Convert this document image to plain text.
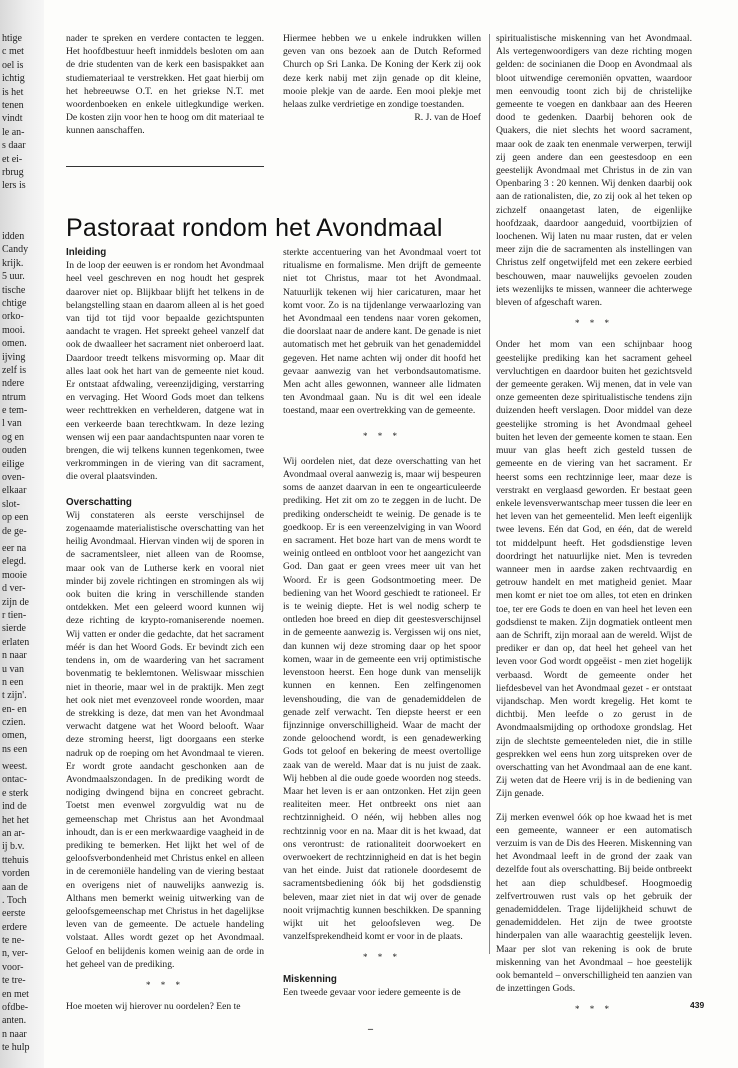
htige
c met
oel is
ichtig
is het
tenen
vindt
le an-
s daar
et ei-
rbrug
lers is
idden
Candy
krijk.
5 uur.
tische
chtige
orko-
mooi.
omen.
ijving
zelf is
ndere
ntrum
e tem-
l van
og en
ouden
eilige
oven-
elkaar
slot-
op een
de ge-
eer na
elegd.
mooie
d ver-
zijn de
r tien-
sierde
erlaten
n naar
u van
n een
t zijn'.
en- en
czien.
omen,
ns een
weest.
ontac-
e sterk
ind de
het het
an ar-
ij b.v.
ttehuis
vorden
aan de
. Toch
eerste
erdere
te ne-
n, ver-
voor-
te tre-
en met
ofdbe-
anten.
n naar
te hulp

nader te spreken en verdere contacten te leggen. Het hoofdbestuur heeft inmiddels besloten om aan de drie studenten van de kerk een basispakket aan studiemateriaal te verstrekken. Het gaat hierbij om het hebreeuwse O.T. en het griekse N.T. met woordenboeken en enkele uitlegkundige werken. De kosten zijn voor hen te hoog om dit materiaal te kunnen aanschaffen.

Hiermee hebben we u enkele indrukken willen geven van ons bezoek aan de Dutch Reformed Church op Sri Lanka. De Koning der Kerk zij ook deze kerk nabij met zijn genade op dit kleine, mooie plekje van de aarde. Een mooi plekje met helaas zulke verdrietige en zondige toestanden.

R. J. van de Hoef

spiritualistische miskenning van het Avondmaal. Als vertegenwoordigers van deze richting mogen gelden: de socinianen die Doop en Avondmaal als bloot uitwendige ceremoniën opvatten, waardoor men eenvoudig toont zich bij de christelijke gemeente te voegen en dankbaar aan des Heeren dood te gedenken. Daarbij behoren ook de Quakers, die niet slechts het woord sacrament, maar ook de zaak ten enenmale verwerpen, terwijl zij geen andere dan een geestesdoop en een geestelijk Avondmaal met Christus in de zin van Openbaring 3 : 20 kennen. Wij denken daarbij ook aan de rationalisten, die, zo zij ook al het teken op zichzelf onaangetast laten, de eigenlijke hoofdzaak, daardoor aangeduid, voortbijzien of loochenen. Wij laten nu maar rusten, dat er velen meer zijn die de sacramenten als instellingen van Christus zelf ongetwijfeld met een zekere eerbied beschouwen, maar nauwelijks gevoelen zouden iets wezenlijks te missen, wanneer die achterwege bleven of afgeschaft waren.

* * *

Onder het mom van een schijnbaar hoog geestelijke prediking kan het sacrament geheel vervluchtigen en daardoor buiten het gezichtsveld der gemeente geraken. Wij menen, dat in vele van onze gemeenten deze spiritualistische tendens zijn duizenden heeft verslagen. Door middel van deze geestelijke stroming is het Avondmaal geheel buiten het leven der gemeente komen te staan. Een muur van glas heeft zich gesteld tussen de gemeente en de viering van het sacrament. Er heerst soms een rechtzinnige leer, maar deze is verstrakt en verglaasd geworden. Er bestaat geen enkele levensverwantschap meer tussen die leer en het leven van het gemeentelid. Men leeft eigenlijk twee levens. Eén dat God, en één, dat de wereld tot middelpunt heeft. Het godsdienstige leven doordringt het natuurlijke niet. Men is tevreden wanneer men in aardse zaken rechtvaardig en getrouw handelt en met matigheid geniet. Maar men komt er niet toe om alles, tot eten en drinken toe, ter ere Gods te doen en van heel het leven een godsdienst te maken. Zijn dogmatiek ontleent men aan de Schrift, zijn moraal aan de wereld. Wijst de prediker er dan op, dat heel het geheel van het leven voor God wordt opgeëist - men ziet hogelijk verbaasd. Wordt de gemeente onder het liefdesbevel van het Avondmaal gezet - er ontstaat vijandschap. Men wordt kregelig. Het komt te dichtbij. Men leefde o zo gerust in de Avondmaalsmijding op orthodoxe grondslag. Het zijn de slechtste gemeenteleden niet, die in stille gesprekken wel eens hun zorg uitspreken over de overschatting van het Avondmaal aan de ene kant. Zij weten dat de Heere vrij is in de bediening van Zijn genade.

Zij merken evenwel óók op hoe kwaad het is met een gemeente, wanneer er een automatisch verzuim is van de Dis des Heeren. Miskenning van het Avondmaal leeft in de grond der zaak van dezelfde fout als overschatting. Bij beide ontbreekt het aan diep schuldbesef. Hoogmoedig zelfvertrouwen rust vals op het gebruik der genademiddelen. Trage lijdelijkheid schuwt de genademiddelen. Het zijn de twee grootste hinderpalen van alle waarachtig geestelijk leven. Maar per slot van rekening is ook de brute miskenning van het Avondmaal – hoe geestelijk ook bemanteld – onverschilligheid ten aanzien van de inzettingen Gods.

* * *
Pastoraat rondom het Avondmaal
Inleiding

In de loop der eeuwen is er rondom het Avondmaal heel veel geschreven en nog houdt het gesprek daarover niet op. Blijkbaar blijft het telkens in de belangstelling staan en daarom alleen al is het goed van tijd tot tijd voor bepaalde gezichtspunten aandacht te vragen. Het spreekt geheel vanzelf dat ook de dwaalleer het sacrament niet onberoerd laat. Daardoor treedt telkens misvorming op. Maar dit alles laat ook het hart van de gemeente niet koud. Er ontstaat afdwaling, vereenzijdiging, verstarring en vervaging. Het Woord Gods moet dan telkens weer rechttrekken en verhelderen, datgene wat in een verkeerde baan terechtkwam. In deze lezing wensen wij een paar aandachtspunten naar voren te brengen, die wij telkens kunnen tegenkomen, twee verkrommingen in de viering van dit sacrament, die overal plaatsvinden.

Overschatting

Wij constateren als eerste verschijnsel de zogenaamde materialistische overschatting van het heilig Avondmaal. Hiervan vinden wij de sporen in de sacramentsleer, niet alleen van de Roomse, maar ook van de Lutherse kerk en vooral niet minder bij zovele richtingen en stromingen als wij ook buiten die kring in verschillende standen ontdekken. Met een geleerd woord kunnen wij deze richting de krypto-romaniserende noemen. Wij vatten er onder die gedachte, dat het sacrament méér is dan het Woord Gods. Er bevindt zich een tendens in, om de waardering van het sacrament bovenmatig te beklemtonen. Weliswaar misschien niet in theorie, maar wel in de praktijk. Men zegt het ook niet met evenzoveel ronde woorden, maar de strekking is deze, dat men van het Avondmaal verwacht datgene wat het Woord belooft. Waar deze stroming heerst, ligt doorgaans een sterke nadruk op de roeping om het Avondmaal te vieren. Er wordt grote aandacht geschonken aan de Avondmaalszondagen. In de prediking wordt de nodiging dwingend bijna en concreet gebracht. Toetst men evenwel zorgvuldig wat nu de gemeenschap met Christus aan het Avondmaal inhoudt, dan is er een merkwaardige vaagheid in de prediking te bemerken. Het lijkt het wel of de geloofsverbondenheid met Christus enkel en alleen in de ceremoniële handeling van de viering bestaat en overigens niet of nauwelijks aanwezig is. Althans men bemerkt weinig uitwerking van de geloofsgemeenschap met Christus in het dagelijkse leven van de gemeente. De actuele handeling volstaat. Alles wordt gezet op het Avondmaal. Geloof en belijdenis komen weinig aan de orde in het geheel van de prediking.

* * *

Hoe moeten wij hierover nu oordelen? Een te

sterkte accentuering van het Avondmaal voert tot ritualisme en formalisme. Men drijft de gemeente niet tot Christus, maar tot het Avondmaal. Natuurlijk tekenen wij hier caricaturen, maar het komt voor. Zo is na tijdenlange verwaarlozing van het Avondmaal een tendens naar voren gekomen, die doorslaat naar de andere kant. De genade is niet automatisch met het gebruik van het genademiddel gegeven. Het name achten wij onder dit hoofd het gevaar aanwezig van het verbondsautomatisme. Men acht alles gewonnen, wanneer alle lidmaten ten Avondmaal gaan. Nu is dit wel een ideale toestand, maar een overtrekking van de gemeente.

* * *

Wij oordelen niet, dat deze overschatting van het Avondmaal overal aanwezig is, maar wij bespeuren soms de aanzet daarvan in een te ongearticuleerde prediking. Het zit om zo te zeggen in de lucht. De prediking onderscheidt te weinig. De genade is te goedkoop. Er is een vereenzelviging in van Woord en sacrament. Het boze hart van de mens wordt te weinig ontleed en ontbloot voor het aangezicht van God. Dan gaat er geen vrees meer uit van het Woord. Er is geen Godsontmoeting meer. De bediening van het Woord geschiedt te rationeel. Er is te weinig diepte. Het is wel nodig scherp te ontleden hoe breed en diep dit geestesverschijnsel in de gemeente aanwezig is. Vergissen wij ons niet, dan kunnen wij deze stroming daar op het spoor komen, waar in de gemeente een vrij optimistische levenstoon heerst. Een hoge dunk van menselijk kunnen en kennen. Een zelfingenomen levenshouding, die van de genademiddelen de genade zelf verwacht. Ten diepste heerst er een fijnzinnige onverschilligheid. Waar de macht der zonde geloochend wordt, is een genadewerking Gods tot geloof en bekering de meest overtollige zaak van de wereld. Maar dat is nu juist de zaak. Wij hebben al die oude goede woorden nog steeds. Maar het leven is er aan ontzonken. Het zijn geen realiteiten meer. Het ontbreekt ons niet aan rechtzinnigheid. O néén, wij hebben alles nog rechtzinnig voor en na. Maar dit is het kwaad, dat ons verontrust: de rationaliteit doorwoekert en overwoekert de rechtzinnigheid en dat is het begin van het einde. Juist dat rationele doordesemt de sacramentsbediening óók bij het godsdienstig beleven, maar ziet niet in dat wij over de genade nooit vrijmachtig kunnen beschikken. De spanning wijkt uit het geloofsleven weg. De vanzelfsprekendheid komt er voor in de plaats.

* * *
Miskenning

Een tweede gevaar voor iedere gemeente is de

439
–
